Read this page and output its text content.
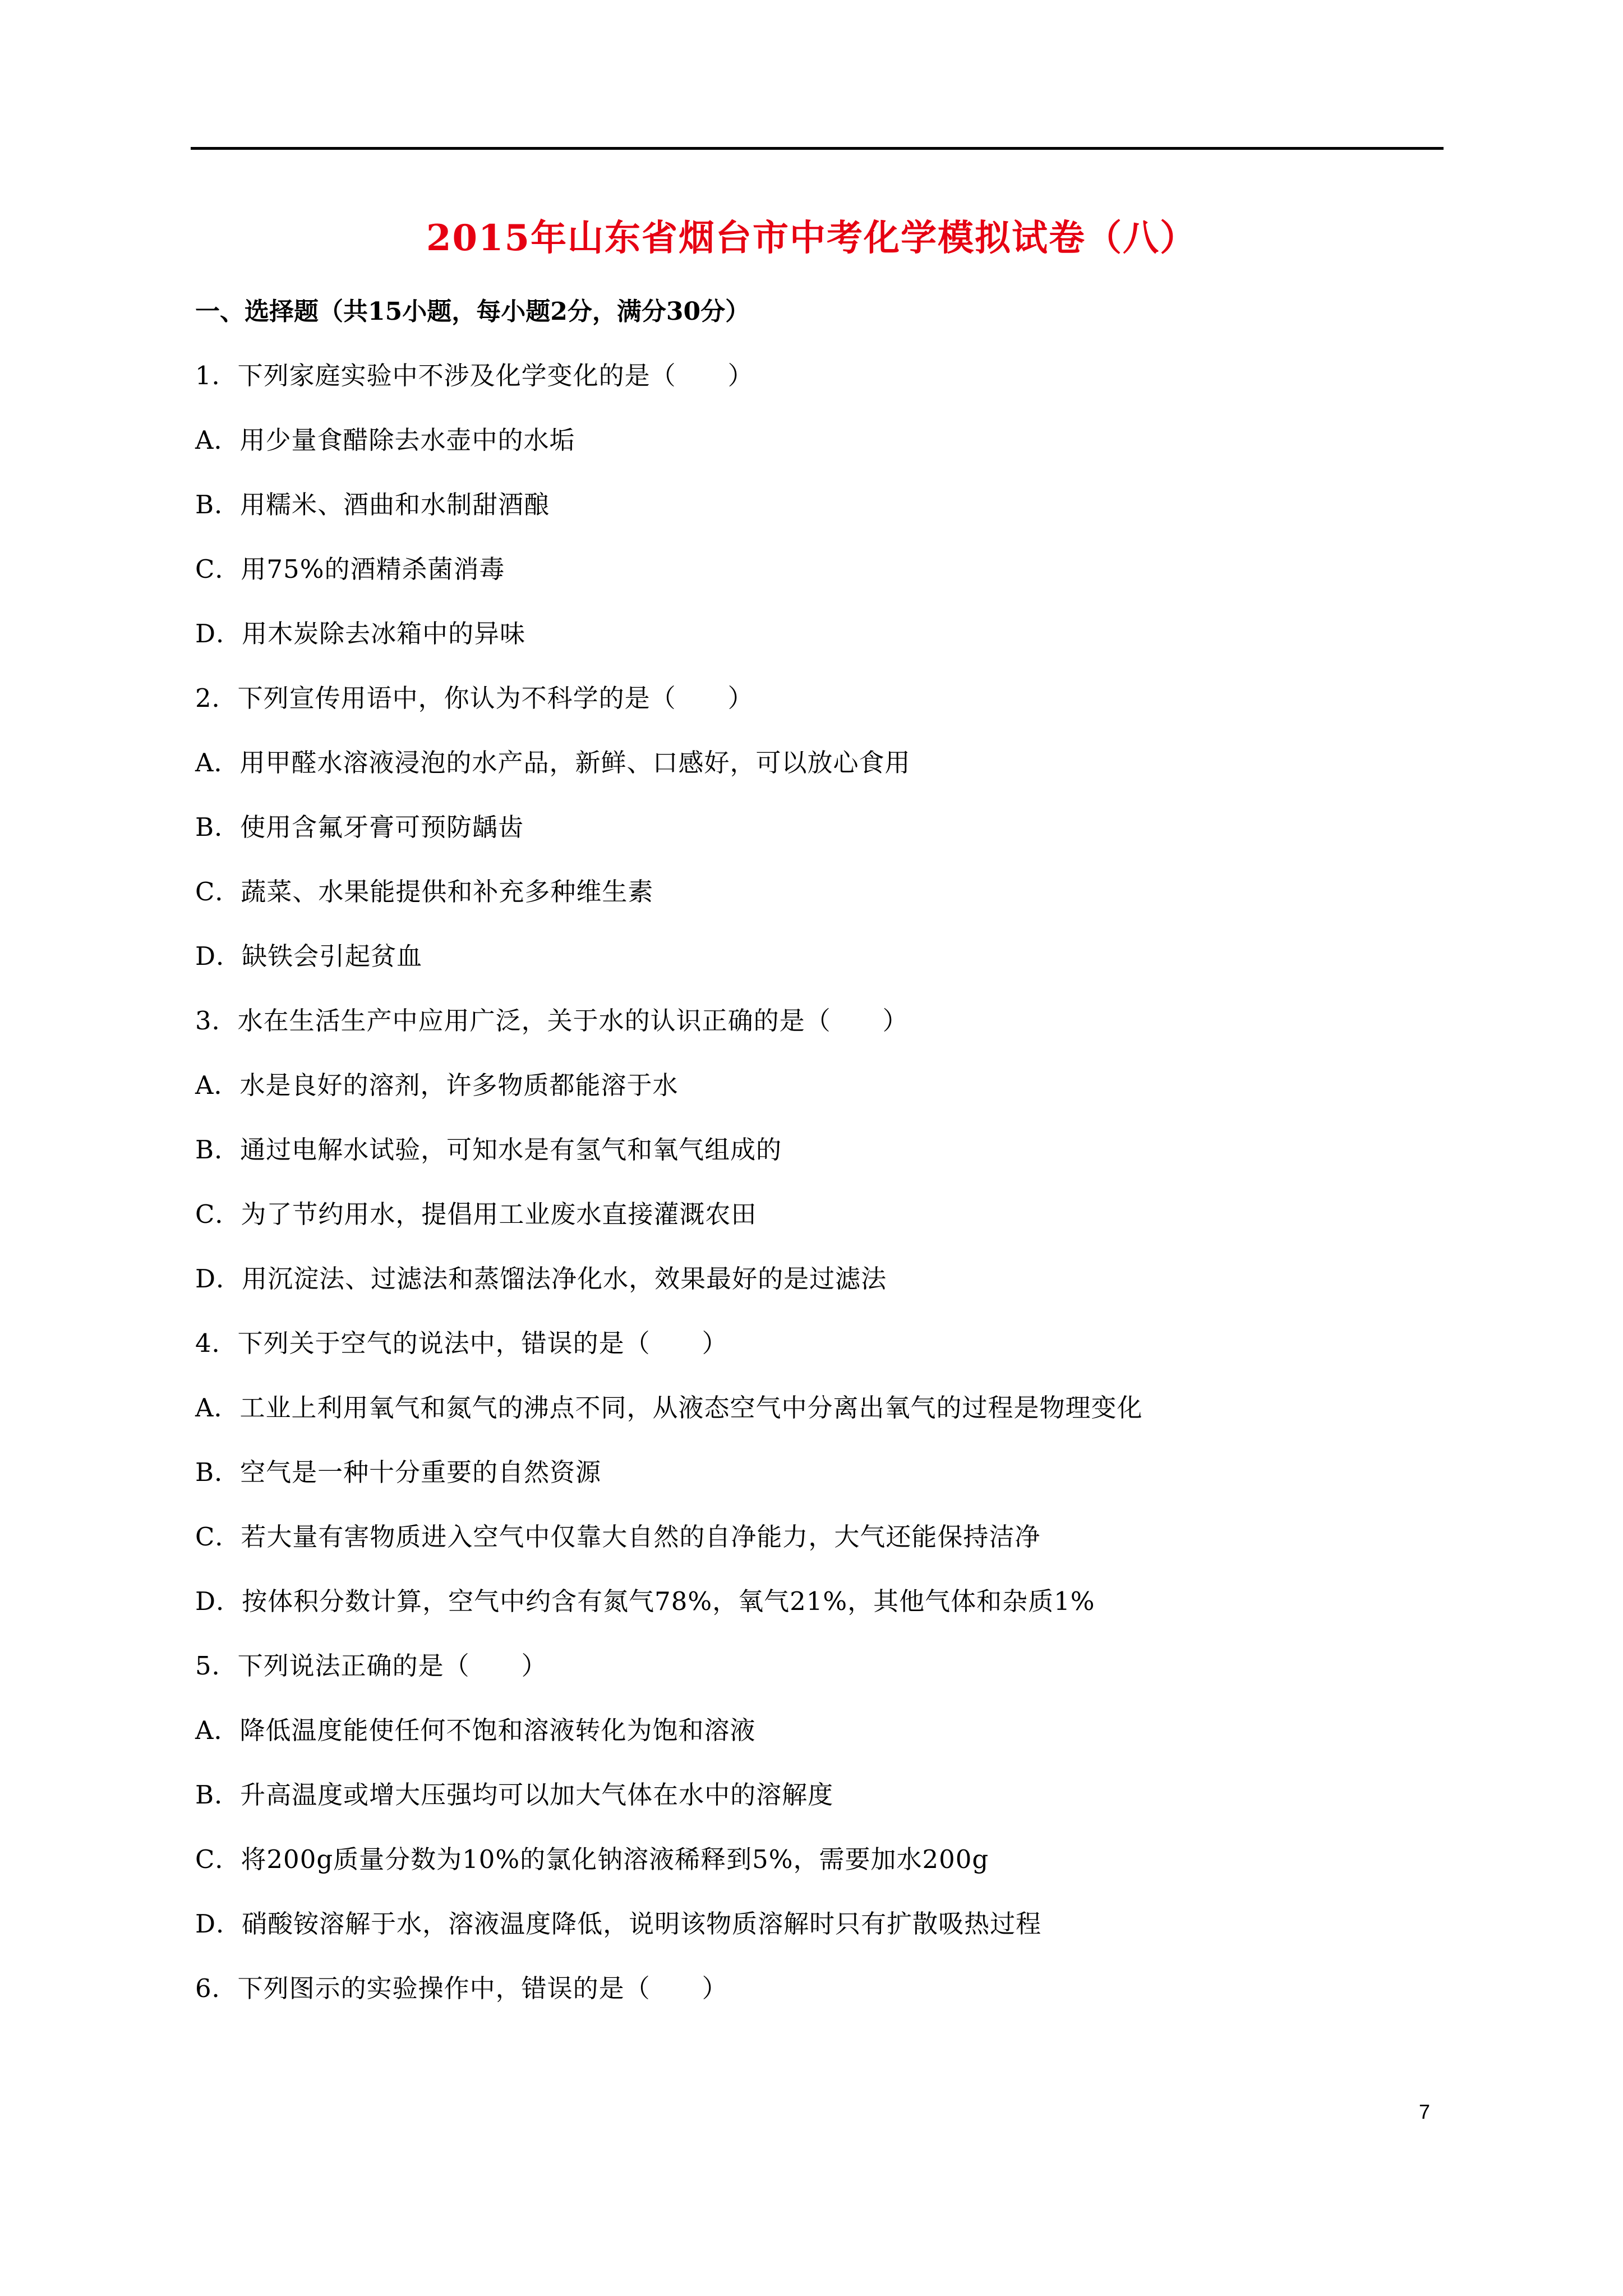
2015年山东省烟台市中考化学模拟试卷（八）
一、选择题（共15小题，每小题2分，满分30分）
1．下列家庭实验中不涉及化学变化的是（　　）
A．用少量食醋除去水壶中的水垢
B．用糯米、酒曲和水制甜酒酿
C．用75%的酒精杀菌消毒
D．用木炭除去冰箱中的异味
2．下列宣传用语中，你认为不科学的是（　　）
A．用甲醛水溶液浸泡的水产品，新鲜、口感好，可以放心食用
B．使用含氟牙膏可预防龋齿
C．蔬菜、水果能提供和补充多种维生素
D．缺铁会引起贫血
3．水在生活生产中应用广泛，关于水的认识正确的是（　　）
A．水是良好的溶剂，许多物质都能溶于水
B．通过电解水试验，可知水是有氢气和氧气组成的
C．为了节约用水，提倡用工业废水直接灌溉农田
D．用沉淀法、过滤法和蒸馏法净化水，效果最好的是过滤法
4．下列关于空气的说法中，错误的是（　　）
A．工业上利用氧气和氮气的沸点不同，从液态空气中分离出氧气的过程是物理变化
B．空气是一种十分重要的自然资源
C．若大量有害物质进入空气中仅靠大自然的自净能力，大气还能保持洁净
D．按体积分数计算，空气中约含有氮气78%，氧气21%，其他气体和杂质1%
5．下列说法正确的是（　　）
A．降低温度能使任何不饱和溶液转化为饱和溶液
B．升高温度或增大压强均可以加大气体在水中的溶解度
C．将200g质量分数为10%的氯化钠溶液稀释到5%，需要加水200g
D．硝酸铵溶解于水，溶液温度降低，说明该物质溶解时只有扩散吸热过程
6．下列图示的实验操作中，错误的是（　　）
7
